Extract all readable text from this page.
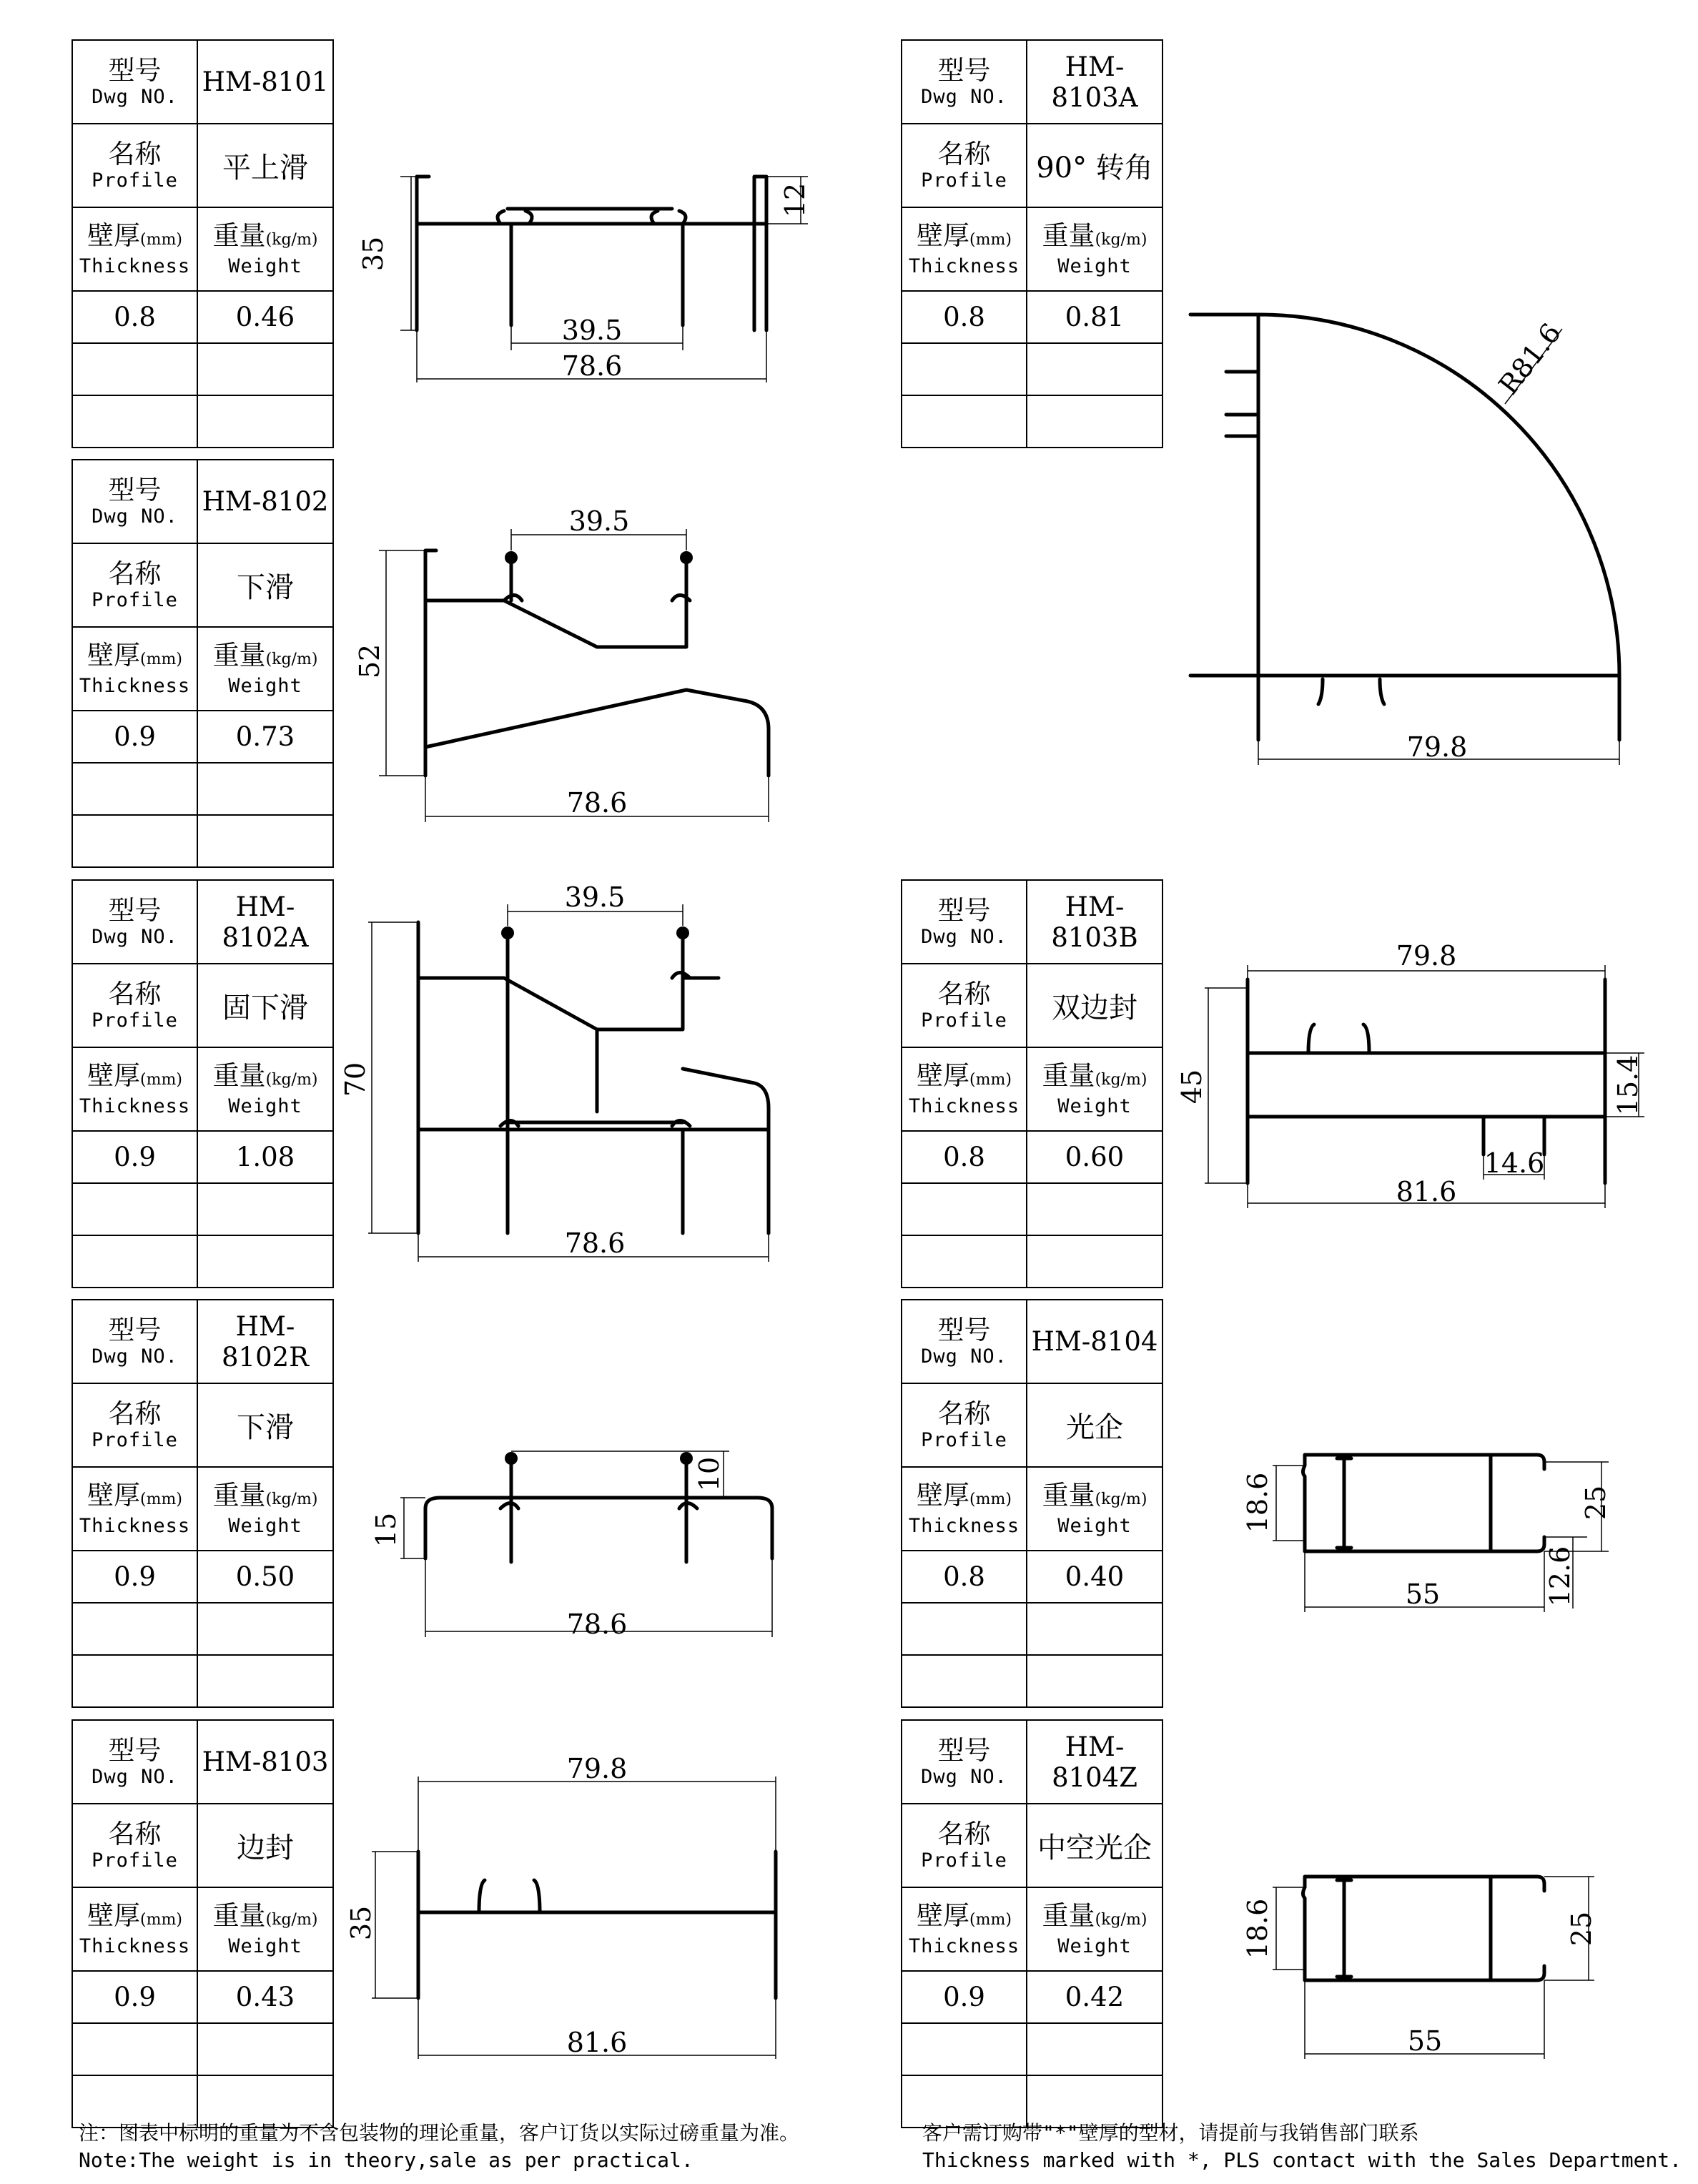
型号
Dwg NO.	HM-8101

名称
Profile	平上滑

壁厚(mm)
Thickness	重量(kg/m)
Weight

0.8	0.46

型号
Dwg NO.	HM-8102

名称
Profile	下滑

壁厚(mm)
Thickness	重量(kg/m)
Weight

0.9	0.73

型号
Dwg NO.	HM-8102A

名称
Profile	固下滑

壁厚(mm)
Thickness	重量(kg/m)
Weight

0.9	1.08

型号
Dwg NO.	HM-8102R

名称
Profile	下滑

壁厚(mm)
Thickness	重量(kg/m)
Weight

0.9	0.50

型号
Dwg NO.	HM-8103

名称
Profile	边封

壁厚(mm)
Thickness	重量(kg/m)
Weight

0.9	0.43

型号
Dwg NO.	HM-8103A

名称
Profile	90° 转角

壁厚(mm)
Thickness	重量(kg/m)
Weight

0.8	0.81

型号
Dwg NO.	HM-8103B

名称
Profile	双边封

壁厚(mm)
Thickness	重量(kg/m)
Weight

0.8	0.60

型号
Dwg NO.	HM-8104

名称
Profile	光企

壁厚(mm)
Thickness	重量(kg/m)
Weight

0.8	0.40

型号
Dwg NO.	HM-8104Z

名称
Profile	中空光企

壁厚(mm)
Thickness	重量(kg/m)
Weight

0.9	0.42

35
12
39.5
78.6
39.5
52
78.6
39.5
70
78.6
10
15
78.6
79.8
35
81.6
R81.6
79.8
79.8
45	15.4
14.6
81.6
18.6	25
12.6
55
18.6	25
55
注：图表中标明的重量为不含包装物的理论重量，客户订货以实际过磅重量为准。
Note:The weight is in theory,sale as per practical.
客户需订购带"*"壁厚的型材，请提前与我销售部门联系
Thickness marked with *, PLS contact with the Sales Department.
